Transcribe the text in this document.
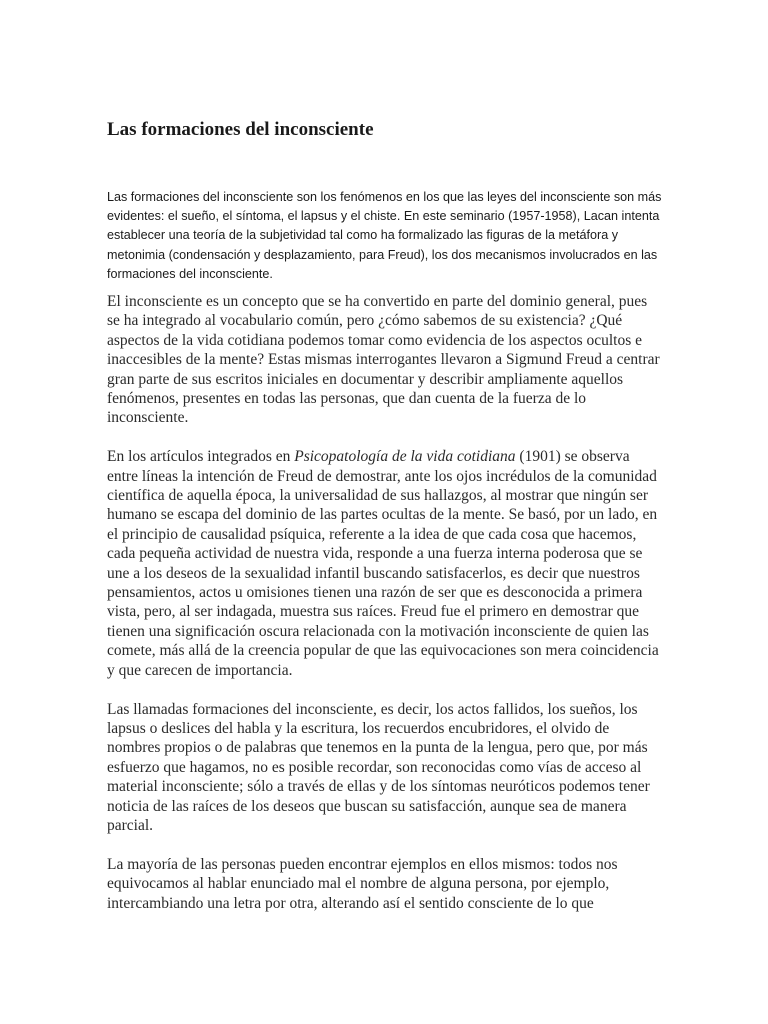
Las formaciones del inconsciente

Las formaciones del inconsciente son los fenómenos en los que las leyes del inconsciente son más evidentes: el sueño, el síntoma, el lapsus y el chiste. En este seminario (1957-1958), Lacan intenta establecer una teoría de la subjetividad tal como ha formalizado las figuras de la metáfora y metonimia (condensación y desplazamiento, para Freud), los dos mecanismos involucrados en las formaciones del inconsciente.

El inconsciente es un concepto que se ha convertido en parte del dominio general, pues se ha integrado al vocabulario común, pero ¿cómo sabemos de su existencia? ¿Qué aspectos de la vida cotidiana podemos tomar como evidencia de los aspectos ocultos e inaccesibles de la mente? Estas mismas interrogantes llevaron a Sigmund Freud a centrar gran parte de sus escritos iniciales en documentar y describir ampliamente aquellos fenómenos, presentes en todas las personas, que dan cuenta de la fuerza de lo inconsciente.

En los artículos integrados en Psicopatología de la vida cotidiana (1901) se observa entre líneas la intención de Freud de demostrar, ante los ojos incrédulos de la comunidad científica de aquella época, la universalidad de sus hallazgos, al mostrar que ningún ser humano se escapa del dominio de las partes ocultas de la mente. Se basó, por un lado, en el principio de causalidad psíquica, referente a la idea de que cada cosa que hacemos, cada pequeña actividad de nuestra vida, responde a una fuerza interna poderosa que se une a los deseos de la sexualidad infantil buscando satisfacerlos, es decir que nuestros pensamientos, actos u omisiones tienen una razón de ser que es desconocida a primera vista, pero, al ser indagada, muestra sus raíces. Freud fue el primero en demostrar que tienen una significación oscura relacionada con la motivación inconsciente de quien las comete, más allá de la creencia popular de que las equivocaciones son mera coincidencia y que carecen de importancia.

Las llamadas formaciones del inconsciente, es decir, los actos fallidos, los sueños, los lapsus o deslices del habla y la escritura, los recuerdos encubridores, el olvido de nombres propios o de palabras que tenemos en la punta de la lengua, pero que, por más esfuerzo que hagamos, no es posible recordar, son reconocidas como vías de acceso al material inconsciente; sólo a través de ellas y de los síntomas neuróticos podemos tener noticia de las raíces de los deseos que buscan su satisfacción, aunque sea de manera parcial.

La mayoría de las personas pueden encontrar ejemplos en ellos mismos: todos nos equivocamos al hablar enunciado mal el nombre de alguna persona, por ejemplo, intercambiando una letra por otra, alterando así el sentido consciente de lo que
